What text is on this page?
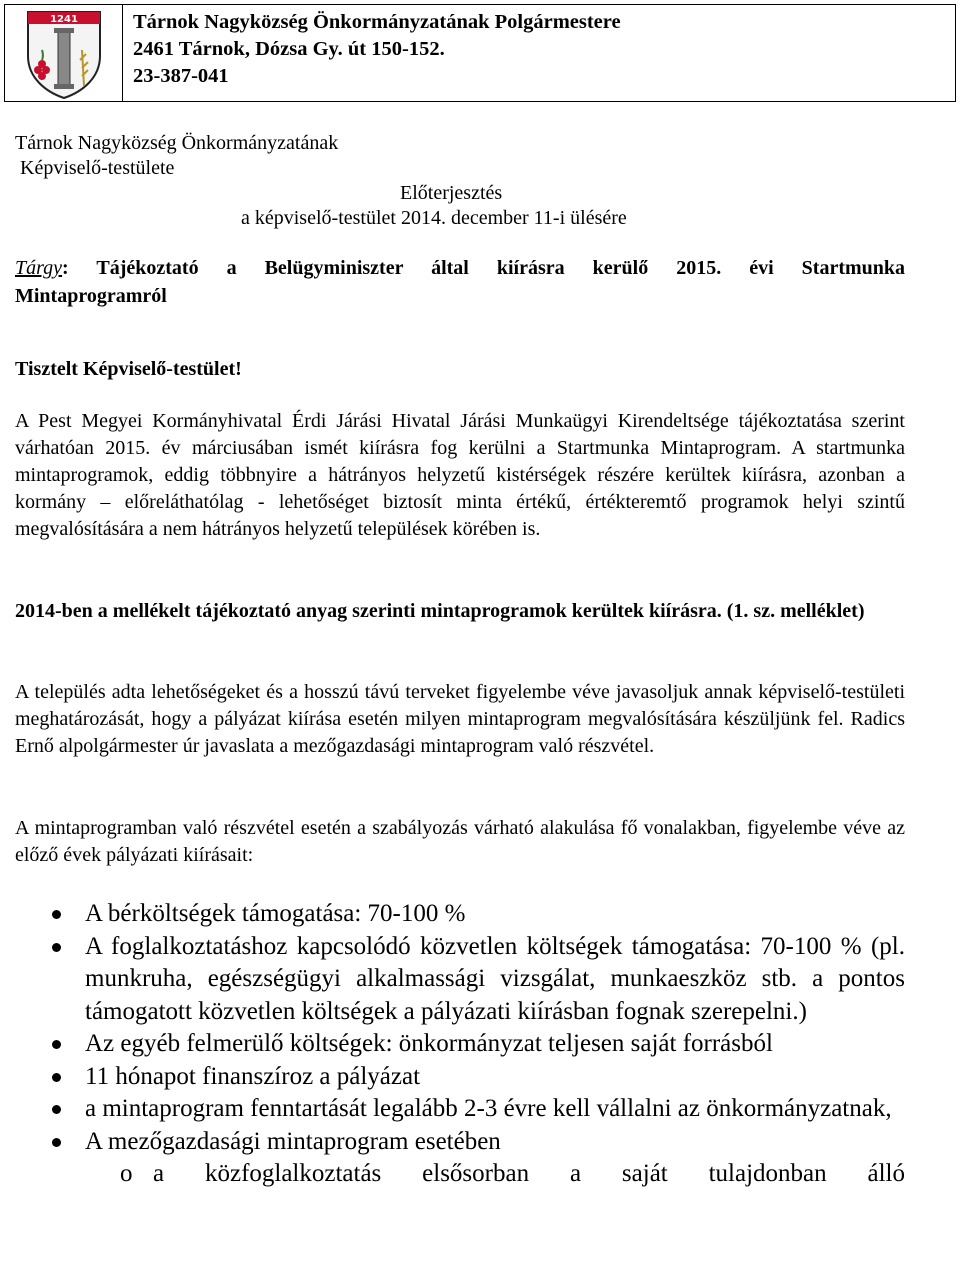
1241	Tárnok Nagyközség Önkormányzatának Polgármestere
2461 Tárnok, Dózsa Gy. út 150-152.
23-387-041
Tárnok Nagyközség Önkormányzatának
Képviselő-testülete
Előterjesztés
a képviselő-testület 2014. december 11-i ülésére
Tárgy: Tájékoztató a Belügyminiszter által kiírásra kerülő 2015. évi Startmunka
Mintaprogramról
Tisztelt Képviselő-testület!
A Pest Megyei Kormányhivatal Érdi Járási Hivatal Járási Munkaügyi Kirendeltsége tájékoztatása szerint várhatóan 2015. év márciusában ismét kiírásra fog kerülni a Startmunka Mintaprogram. A startmunka mintaprogramok, eddig többnyire a hátrányos helyzetű kistérségek részére kerültek kiírásra, azonban a kormány – előreláthatólag - lehetőséget biztosít minta értékű, értékteremtő programok helyi szintű megvalósítására a nem hátrányos helyzetű települések körében is.
2014-ben a mellékelt tájékoztató anyag szerinti mintaprogramok kerültek kiírásra. (1. sz. melléklet)
A település adta lehetőségeket és a hosszú távú terveket figyelembe véve javasoljuk annak képviselő-testületi meghatározását, hogy a pályázat kiírása esetén milyen mintaprogram megvalósítására készüljünk fel. Radics Ernő alpolgármester úr javaslata a mezőgazdasági mintaprogram való részvétel.
A mintaprogramban való részvétel esetén a szabályozás várható alakulása fő vonalakban, figyelembe véve az előző évek pályázati kiírásait:
A bérköltségek támogatása: 70-100 %
A foglalkoztatáshoz kapcsolódó közvetlen költségek támogatása: 70-100 % (pl. munkruha, egészségügyi alkalmassági vizsgálat, munkaeszköz stb. a pontos támogatott közvetlen költségek a pályázati kiírásban fognak szerepelni.)
Az egyéb felmerülő költségek: önkormányzat teljesen saját forrásból
11 hónapot finanszíroz a pályázat
a mintaprogram fenntartását legalább 2-3 évre kell vállalni az önkormányzatnak,
A mezőgazdasági mintaprogram esetében
o a közfoglalkoztatás elsősorban a saját tulajdonban álló
